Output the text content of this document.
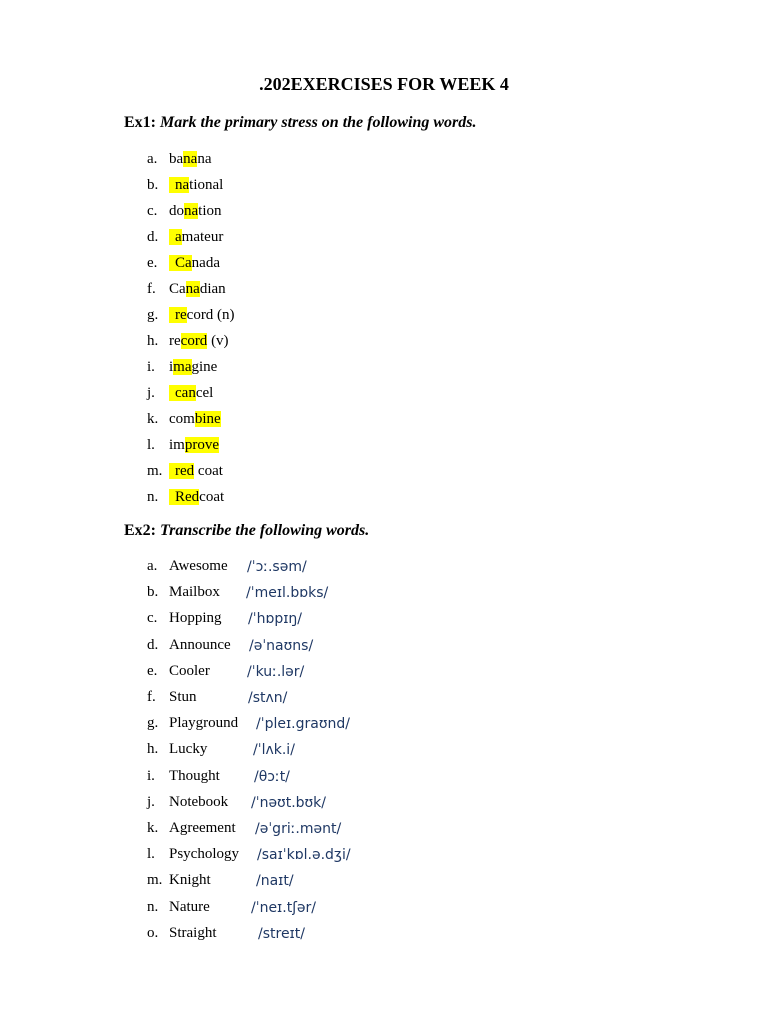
.202EXERCISES FOR WEEK 4
Ex1: Mark the primary stress on the following words.
a. banana
b. national
c. donation
d. amateur
e. Canada
f. Canadian
g. record (n)
h. record (v)
i. imagine
j. cancel
k. combine
l. improve
m. red coat
n. Redcoat
Ex2: Transcribe the following words.
a. Awesome /ˈɔː.səm/
b. Mailbox /ˈmeɪl.bɒks/
c. Hopping /ˈhɒpɪŋ/
d. Announce /əˈnaʊns/
e. Cooler	/ˈkuː.lər/
f. Stun	/stʌn/
g. Playground /ˈpleɪ.graʊnd/
h. Lucky	/ˈlʌk.i/
i. Thought /θɔːt/
j. Notebook /ˈnəʊt.bʊk/
k. Agreement /əˈgriː.mənt/
l. Psychology /saɪˈkɒl.ə.dʒi/
m. Knight	/naɪt/
n. Nature	/ˈneɪ.tʃər/
o. Straight	/streɪt/
